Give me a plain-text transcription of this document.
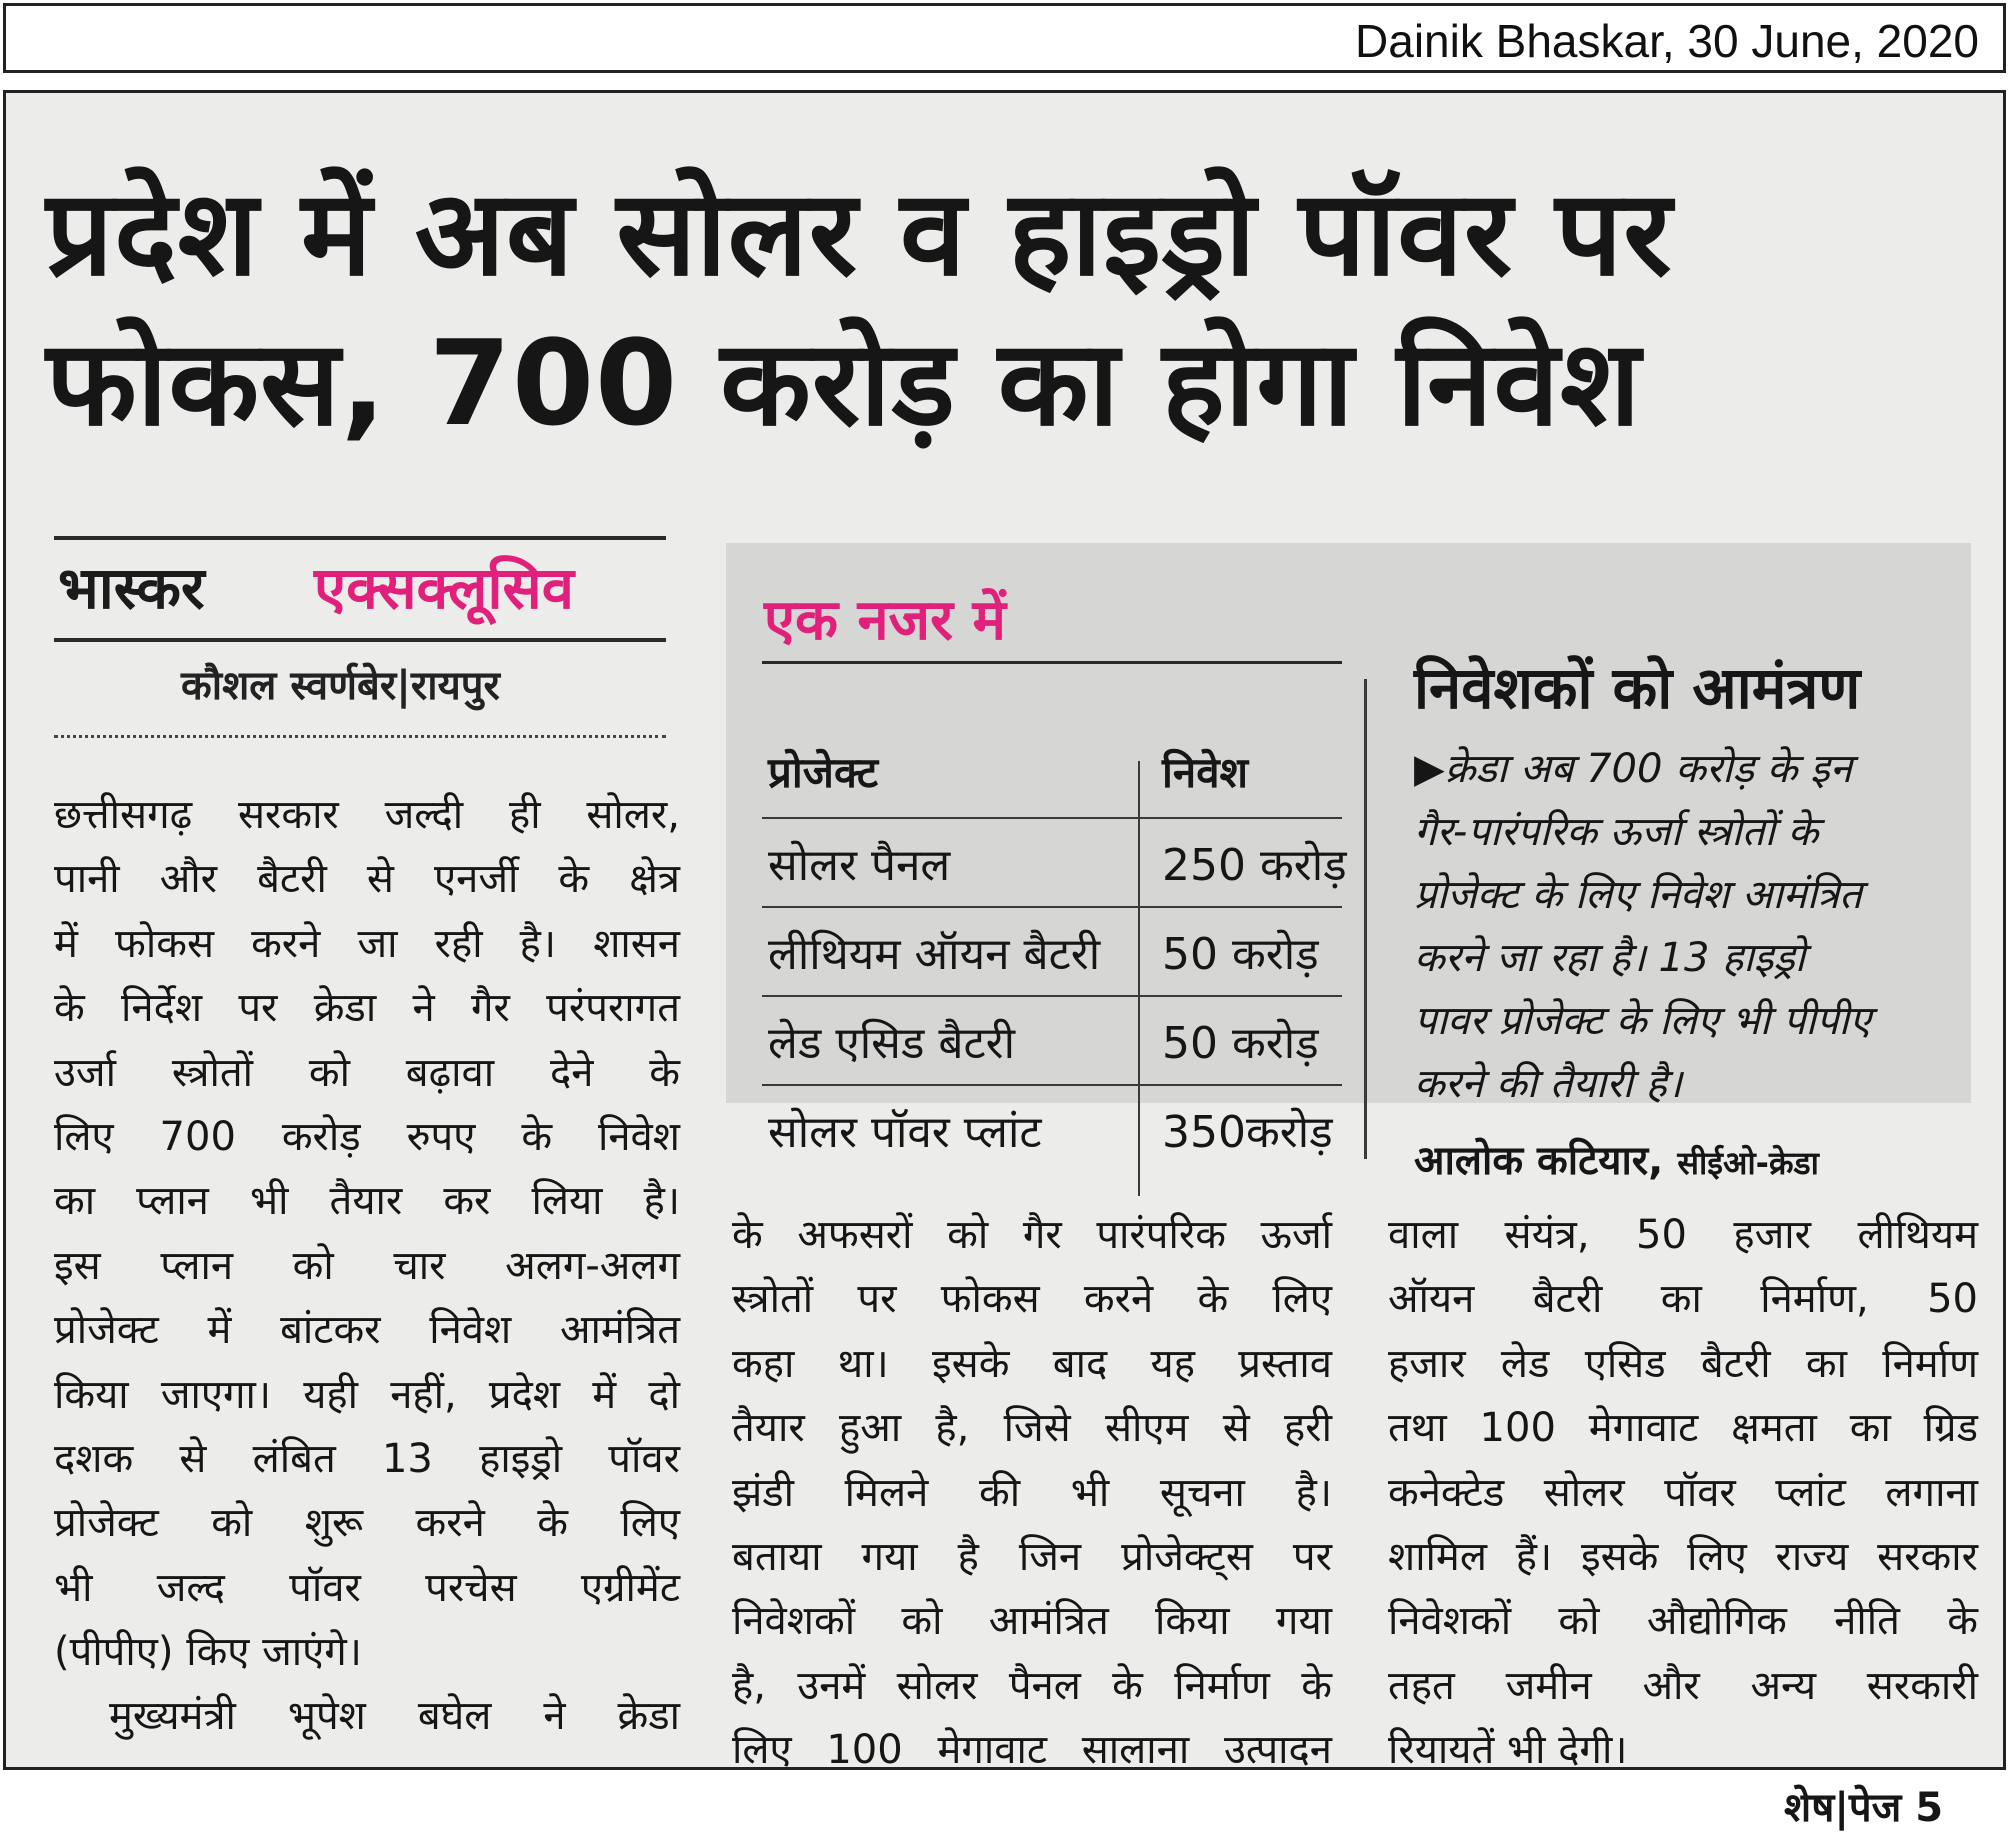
Dainik Bhaskar, 30 June, 2020
प्रदेश में अब सोलर व हाइड्रो पॉवर पर
फोकस, 700 करोड़ का होगा निवेश
भास्कर एक्सक्लूसिव
कौशल स्वर्णबेर|रायपुर
छत्तीसगढ़ सरकार जल्दी ही सोलर,
पानी और बैटरी से एनर्जी के क्षेत्र
में फोकस करने जा रही है। शासन
के निर्देश पर क्रेडा ने गैर परंपरागत
उर्जा स्त्रोतों को बढ़ावा देने के
लिए 700 करोड़ रुपए के निवेश
का प्लान भी तैयार कर लिया है।
इस प्लान को चार अलग-अलग
प्रोजेक्ट में बांटकर निवेश आमंत्रित
किया जाएगा। यही नहीं, प्रदेश में दो
दशक से लंबित 13 हाइड्रो पॉवर
प्रोजेक्ट को शुरू करने के लिए
भी जल्द पॉवर परचेस एग्रीमेंट
(पीपीए) किए जाएंगे।
मुख्यमंत्री भूपेश बघेल ने क्रेडा
एक नजर में
प्रोजेक्ट	निवेश
सोलर पैनल	250 करोड़
लीथियम ऑयन बैटरी 50 करोड़
लेड एसिड बैटरी	50 करोड़
सोलर पॉवर प्लांट	350करोड़
निवेशकों को आमंत्रण
▶क्रेडा अब 700 करोड़ के इन
गैर-पारंपरिक ऊर्जा स्त्रोतों के
प्रोजेक्ट के लिए निवेश आमंत्रित
करने जा रहा है। 13 हाइड्रो
पावर प्रोजेक्ट के लिए भी पीपीए
करने की तैयारी है।
आलोक कटियार, सीईओ-क्रेडा
के अफसरों को गैर पारंपरिक ऊर्जा
स्त्रोतों पर फोकस करने के लिए
कहा था। इसके बाद यह प्रस्ताव
तैयार हुआ है, जिसे सीएम से हरी
झंडी मिलने की भी सूचना है।
बताया गया है जिन प्रोजेक्ट्स पर
निवेशकों को आमंत्रित किया गया
है, उनमें सोलर पैनल के निर्माण के
लिए 100 मेगावाट सालाना उत्पादन
वाला संयंत्र, 50 हजार लीथियम
ऑयन बैटरी का निर्माण, 50
हजार लेड एसिड बैटरी का निर्माण
तथा 100 मेगावाट क्षमता का ग्रिड
कनेक्टेड सोलर पॉवर प्लांट लगाना
शामिल हैं। इसके लिए राज्य सरकार
निवेशकों को औद्योगिक नीति के
तहत जमीन और अन्य सरकारी
रियायतें भी देगी।
शेष|पेज 5
